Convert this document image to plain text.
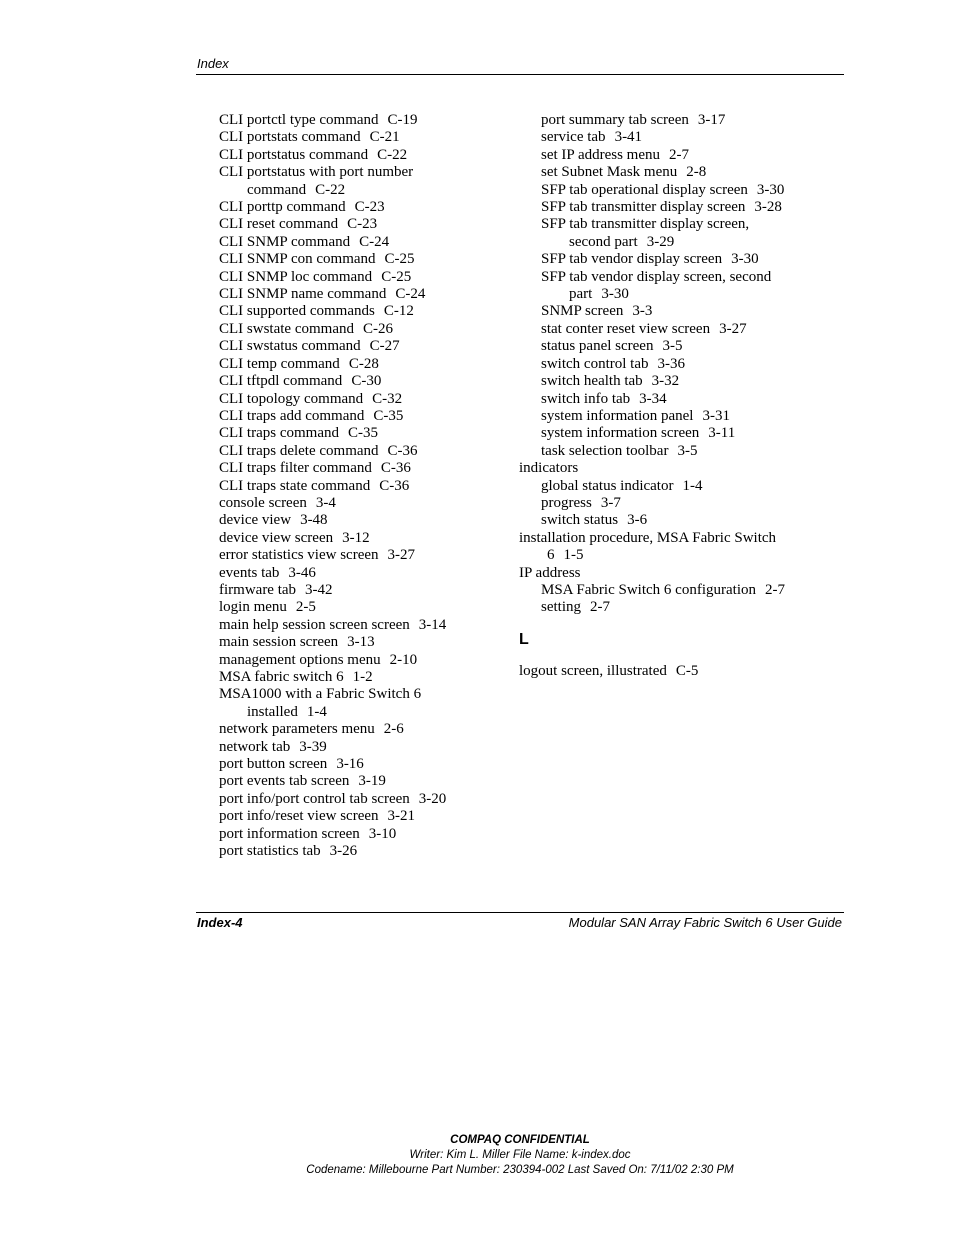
Index
CLI portctl type command C-19
CLI portstats command C-21
CLI portstatus command C-22
CLI portstatus with port number
command C-22
CLI porttp command C-23
CLI reset command C-23
CLI SNMP command C-24
CLI SNMP con command C-25
CLI SNMP loc command C-25
CLI SNMP name command C-24
CLI supported commands C-12
CLI swstate command C-26
CLI swstatus command C-27
CLI temp command C-28
CLI tftpdl command C-30
CLI topology command C-32
CLI traps add command C-35
CLI traps command C-35
CLI traps delete command C-36
CLI traps filter command C-36
CLI traps state command C-36
console screen 3-4
device view 3-48
device view screen 3-12
error statistics view screen 3-27
events tab 3-46
firmware tab 3-42
login menu 2-5
main help session screen screen 3-14
main session screen 3-13
management options menu 2-10
MSA fabric switch 6 1-2
MSA1000 with a Fabric Switch 6
installed 1-4
network parameters menu 2-6
network tab 3-39
port button screen 3-16
port events tab screen 3-19
port info/port control tab screen 3-20
port info/reset view screen 3-21
port information screen 3-10
port statistics tab 3-26
port summary tab screen 3-17
service tab 3-41
set IP address menu 2-7
set Subnet Mask menu 2-8
SFP tab operational display screen 3-30
SFP tab transmitter display screen 3-28
SFP tab transmitter display screen,
second part 3-29
SFP tab vendor display screen 3-30
SFP tab vendor display screen, second
part 3-30
SNMP screen 3-3
stat conter reset view screen 3-27
status panel screen 3-5
switch control tab 3-36
switch health tab 3-32
switch info tab 3-34
system information panel 3-31
system information screen 3-11
task selection toolbar 3-5
indicators
global status indicator 1-4
progress 3-7
switch status 3-6
installation procedure, MSA Fabric Switch
6 1-5
IP address
MSA Fabric Switch 6 configuration 2-7
setting 2-7
L
logout screen, illustrated C-5
Index-4	Modular SAN Array Fabric Switch 6 User Guide
COMPAQ CONFIDENTIAL
Writer: Kim L. Miller File Name: k-index.doc
Codename: Millebourne Part Number: 230394-002 Last Saved On: 7/11/02 2:30 PM
